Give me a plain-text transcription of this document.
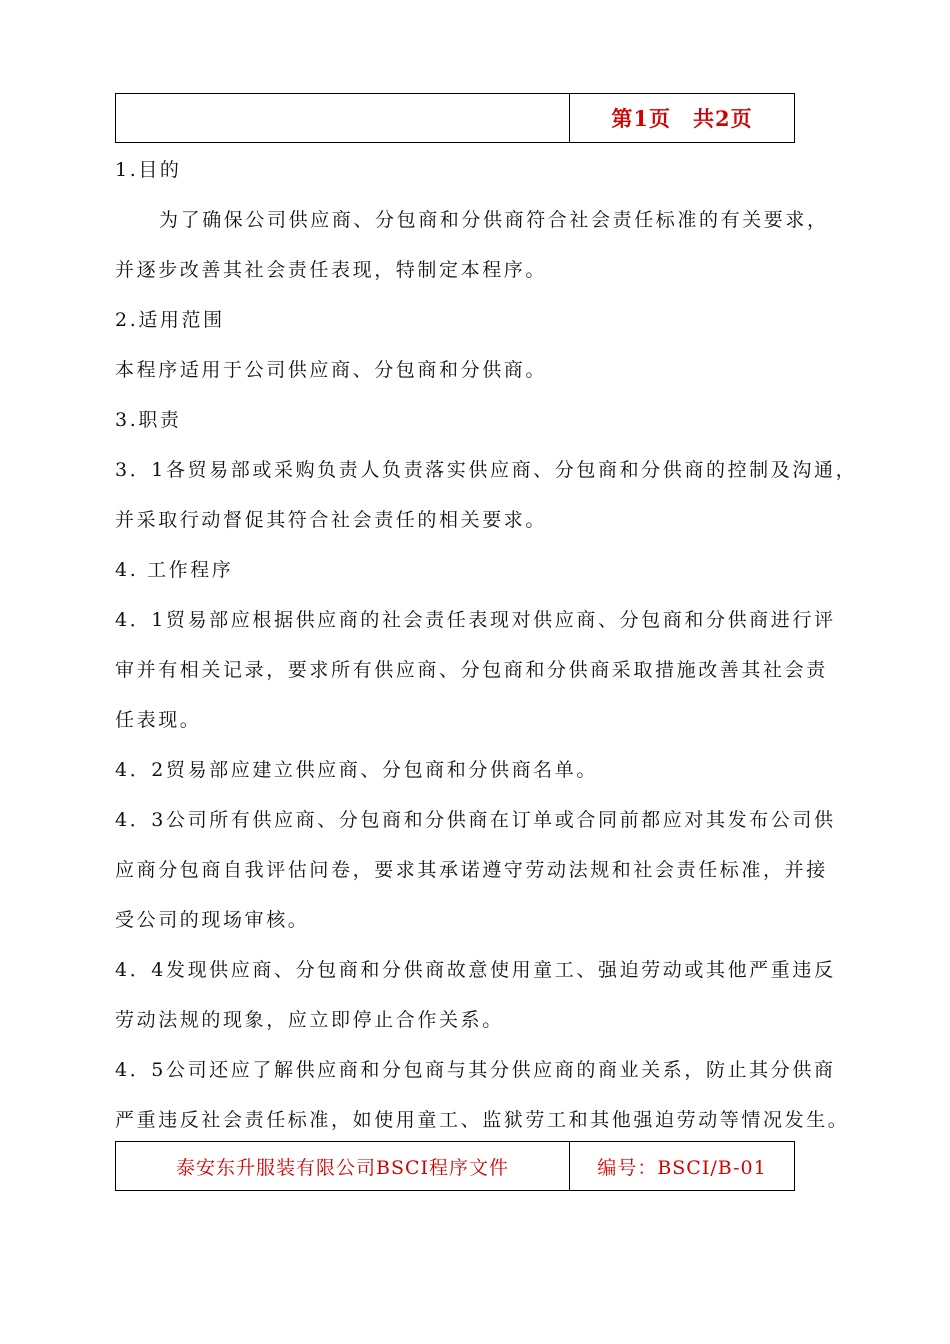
第1页 共2页
1.目的
为了确保公司供应商、分包商和分供商符合社会责任标准的有关要求，
并逐步改善其社会责任表现，特制定本程序。
2.适用范围
本程序适用于公司供应商、分包商和分供商。
3.职责
3．1各贸易部或采购负责人负责落实供应商、分包商和分供商的控制及沟通，
并采取行动督促其符合社会责任的相关要求。
4. 工作程序
4．1贸易部应根据供应商的社会责任表现对供应商、分包商和分供商进行评
审并有相关记录，要求所有供应商、分包商和分供商采取措施改善其社会责
任表现。
4．2贸易部应建立供应商、分包商和分供商名单。
4．3公司所有供应商、分包商和分供商在订单或合同前都应对其发布公司供
应商分包商自我评估问卷，要求其承诺遵守劳动法规和社会责任标准，并接
受公司的现场审核。
4．4发现供应商、分包商和分供商故意使用童工、强迫劳动或其他严重违反
劳动法规的现象，应立即停止合作关系。
4．5公司还应了解供应商和分包商与其分供应商的商业关系，防止其分供商
严重违反社会责任标准，如使用童工、监狱劳工和其他强迫劳动等情况发生。
泰安东升服装有限公司BSCI程序文件	编号：BSCI/B-01
